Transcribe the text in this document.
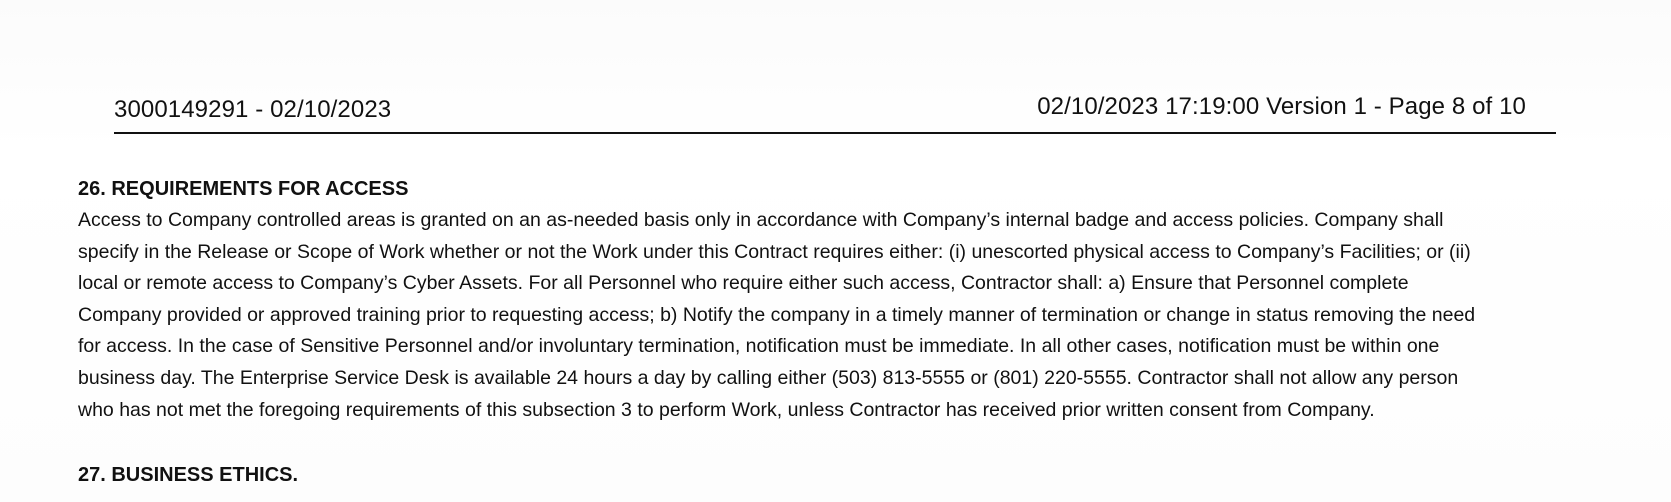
3000149291 - 02/10/2023	02/10/2023 17:19:00 Version 1 - Page 8 of 10
26. REQUIREMENTS FOR ACCESS
Access to Company controlled areas is granted on an as-needed basis only in accordance with Company’s internal badge and access policies. Company shall
specify in the Release or Scope of Work whether or not the Work under this Contract requires either: (i) unescorted physical access to Company’s Facilities; or (ii)
local or remote access to Company’s Cyber Assets. For all Personnel who require either such access, Contractor shall: a) Ensure that Personnel complete
Company provided or approved training prior to requesting access; b) Notify the company in a timely manner of termination or change in status removing the need
for access. In the case of Sensitive Personnel and/or involuntary termination, notification must be immediate. In all other cases, notification must be within one
business day. The Enterprise Service Desk is available 24 hours a day by calling either (503) 813-5555 or (801) 220-5555. Contractor shall not allow any person
who has not met the foregoing requirements of this subsection 3 to perform Work, unless Contractor has received prior written consent from Company.
27. BUSINESS ETHICS.
